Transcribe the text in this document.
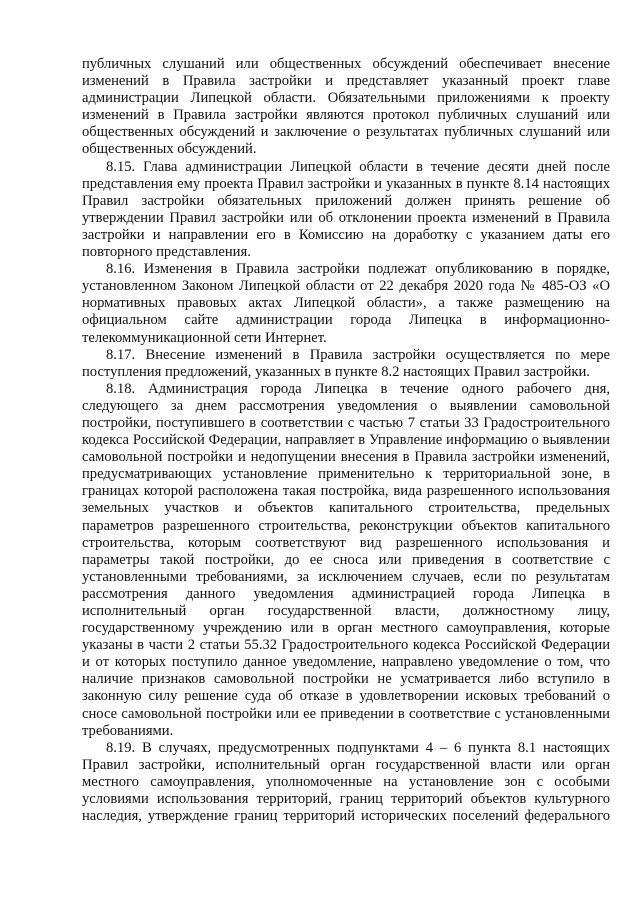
публичных слушаний или общественных обсуждений обеспечивает внесение изменений в Правила застройки и представляет указанный проект главе администрации Липецкой области. Обязательными приложениями к проекту изменений в Правила застройки являются протокол публичных слушаний или общественных обсуждений и заключение о результатах публичных слушаний или общественных обсуждений.

8.15. Глава администрации Липецкой области в течение десяти дней после представления ему проекта Правил застройки и указанных в пункте 8.14 настоящих Правил застройки обязательных приложений должен принять решение об утверждении Правил застройки или об отклонении проекта изменений в Правила застройки и направлении его в Комиссию на доработку с указанием даты его повторного представления.

8.16. Изменения в Правила застройки подлежат опубликованию в порядке, установленном Законом Липецкой области от 22 декабря 2020 года № 485-ОЗ «О нормативных правовых актах Липецкой области», а также размещению на официальном сайте администрации города Липецка в информационно-телекоммуникационной сети Интернет.

8.17. Внесение изменений в Правила застройки осуществляется по мере поступления предложений, указанных в пункте 8.2 настоящих Правил застройки.

8.18. Администрация города Липецка в течение одного рабочего дня, следующего за днем рассмотрения уведомления о выявлении самовольной постройки, поступившего в соответствии с частью 7 статьи 33 Градостроительного кодекса Российской Федерации, направляет в Управление информацию о выявлении самовольной постройки и недопущении внесения в Правила застройки изменений, предусматривающих установление применительно к территориальной зоне, в границах которой расположена такая постройка, вида разрешенного использования земельных участков и объектов капитального строительства, предельных параметров разрешенного строительства, реконструкции объектов капитального строительства, которым соответствуют вид разрешенного использования и параметры такой постройки, до ее сноса или приведения в соответствие с установленными требованиями, за исключением случаев, если по результатам рассмотрения данного уведомления администрацией города Липецка в исполнительный орган государственной власти, должностному лицу, государственному учреждению или в орган местного самоуправления, которые указаны в части 2 статьи 55.32 Градостроительного кодекса Российской Федерации и от которых поступило данное уведомление, направлено уведомление о том, что наличие признаков самовольной постройки не усматривается либо вступило в законную силу решение суда об отказе в удовлетворении исковых требований о сносе самовольной постройки или ее приведении в соответствие с установленными требованиями.

8.19. В случаях, предусмотренных подпунктами 4 – 6 пункта 8.1 настоящих Правил застройки, исполнительный орган государственной власти или орган местного самоуправления, уполномоченные на установление зон с особыми условиями использования территорий, границ территорий объектов культурного наследия, утверждение границ территорий исторических поселений федерального
